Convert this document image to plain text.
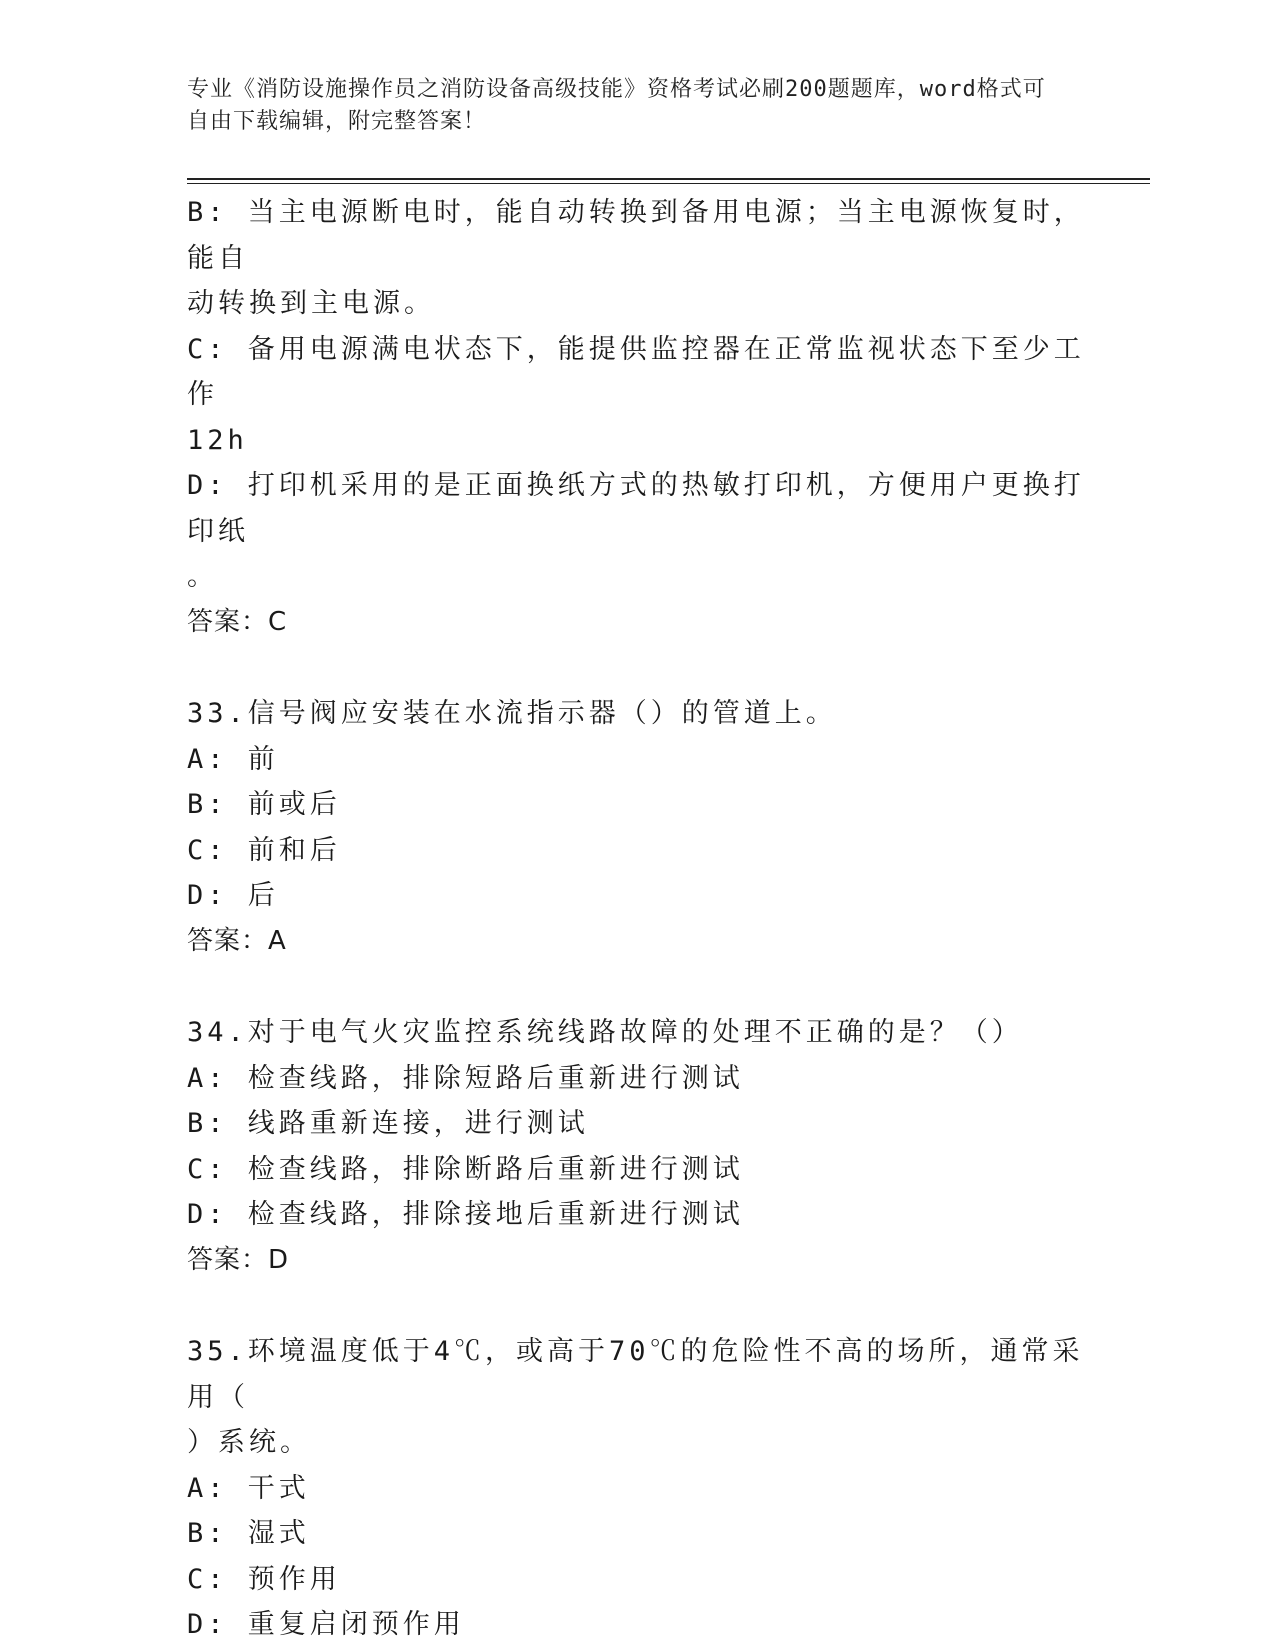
专业《消防设施操作员之消防设备高级技能》资格考试必刷200题题库，word格式可自由下载编辑，附完整答案！
B: 当主电源断电时，能自动转换到备用电源；当主电源恢复时，能自
动转换到主电源。
C: 备用电源满电状态下，能提供监控器在正常监视状态下至少工作
12h
D: 打印机采用的是正面换纸方式的热敏打印机，方便用户更换打印纸
。
答案：C
33.信号阀应安装在水流指示器（）的管道上。
A: 前
B: 前或后
C: 前和后
D: 后
答案：A
34.对于电气火灾监控系统线路故障的处理不正确的是？（）
A: 检查线路，排除短路后重新进行测试
B: 线路重新连接，进行测试
C: 检查线路，排除断路后重新进行测试
D: 检查线路，排除接地后重新进行测试
答案：D
35.环境温度低于4℃，或高于70℃的危险性不高的场所，通常采用（
）系统。
A: 干式
B: 湿式
C: 预作用
D: 重复启闭预作用
